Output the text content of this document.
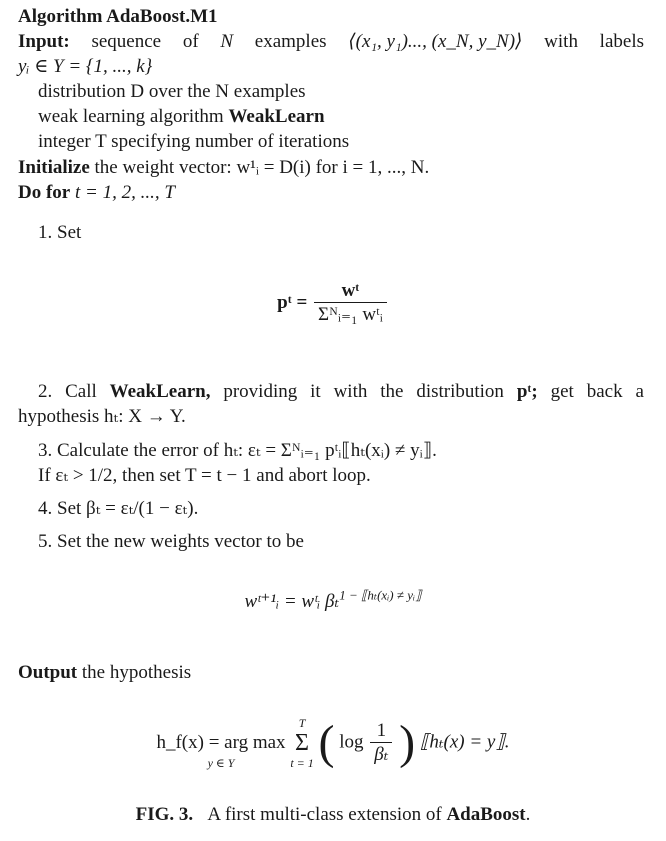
Algorithm AdaBoost.M1
Input: sequence of N examples ⟨(x₁, y₁)..., (x_N, y_N)⟩ with labels
yᵢ ∈ Y = {1, ..., k}
distribution D over the N examples
weak learning algorithm WeakLearn
integer T specifying number of iterations
Initialize the weight vector: w¹ᵢ = D(i) for i = 1, ..., N.
Do for t = 1, 2, ..., T
1. Set
pᵗ = $\frac{\text{wᵗ}}{\text{Σᴺᵢ₌₁ wᵗᵢ}}$
2. Call WeakLearn, providing it with the distribution pᵗ; get back a
hypothesis hₜ: X → Y.
3. Calculate the error of hₜ: εₜ = Σᴺᵢ₌₁ pᵗᵢ⟦hₜ(xᵢ) ≠ yᵢ⟧.
If εₜ > 1/2, then set T = t − 1 and abort loop.
4. Set βₜ = εₜ/(1 − εₜ).
5. Set the new weights vector to be
wᵗ⁺¹ᵢ = wᵗᵢ βₜ$^{1 - ⟦h_t(xᵢ) \ne yᵢ⟧}$
Output the hypothesis

h_f(x) = arg max
y ∈ Y

T
Σ
t = 1 ( $\log \frac{1}{\text{βₜ}}$ ) ⟦hₜ(x) = y⟧.
FIG. 3. A first multi-class extension of AdaBoost.
